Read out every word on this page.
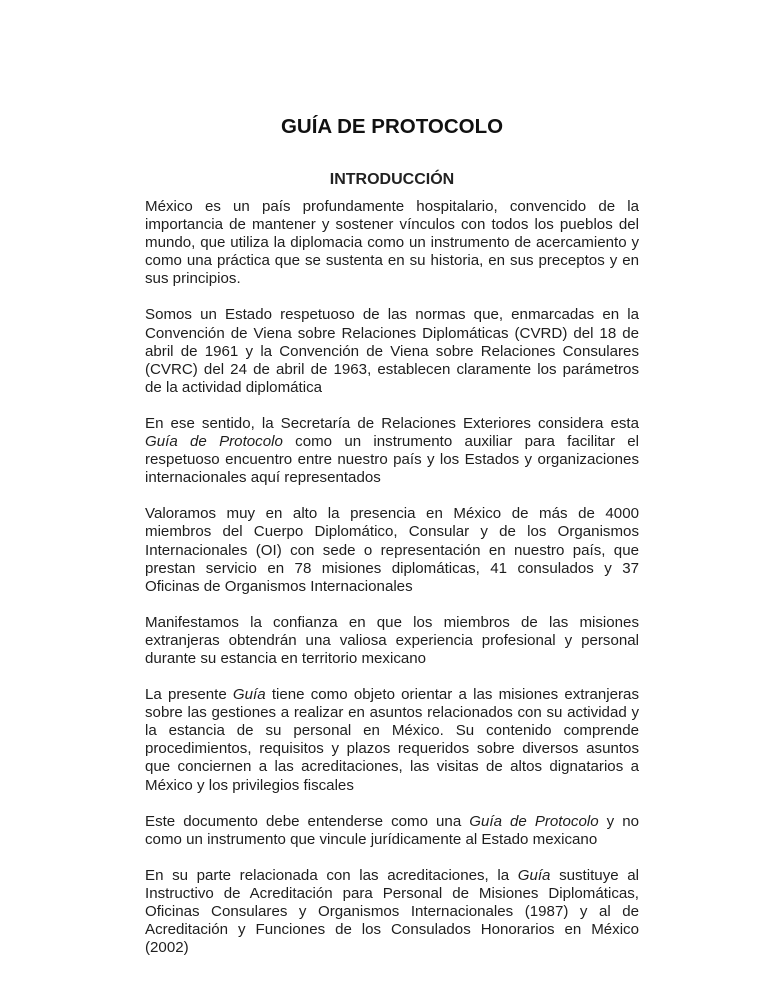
GUÍA DE PROTOCOLO
INTRODUCCIÓN

México es un país profundamente hospitalario, convencido de la importancia de mantener y sostener vínculos con todos los pueblos del mundo, que utiliza la diplomacia como un instrumento de acercamiento y como una práctica que se sustenta en su historia, en sus preceptos y en sus principios.

Somos un Estado respetuoso de las normas que, enmarcadas en la Convención de Viena sobre Relaciones Diplomáticas (CVRD) del 18 de abril de 1961 y la Convención de Viena sobre Relaciones Consulares (CVRC) del 24 de abril de 1963, establecen claramente los parámetros de la actividad diplomática

En ese sentido, la Secretaría de Relaciones Exteriores considera esta Guía de Protocolo como un instrumento auxiliar para facilitar el respetuoso encuentro entre nuestro país y los Estados y organizaciones internacionales aquí representados

Valoramos muy en alto la presencia en México de más de 4000 miembros del Cuerpo Diplomático, Consular y de los Organismos Internacionales (OI) con sede o representación en nuestro país, que prestan servicio en 78 misiones diplomáticas, 41 consulados y 37 Oficinas de Organismos Internacionales

Manifestamos la confianza en que los miembros de las misiones extranjeras obtendrán una valiosa experiencia profesional y personal durante su estancia en territorio mexicano

La presente Guía tiene como objeto orientar a las misiones extranjeras sobre las gestiones a realizar en asuntos relacionados con su actividad y la estancia de su personal en México. Su contenido comprende procedimientos, requisitos y plazos requeridos sobre diversos asuntos que conciernen a las acreditaciones, las visitas de altos dignatarios a México y los privilegios fiscales

Este documento debe entenderse como una Guía de Protocolo y no como un instrumento que vincule jurídicamente al Estado mexicano

En su parte relacionada con las acreditaciones, la Guía sustituye al Instructivo de Acreditación para Personal de Misiones Diplomáticas, Oficinas Consulares y Organismos Internacionales (1987) y al de Acreditación y Funciones de los Consulados Honorarios en México (2002)
